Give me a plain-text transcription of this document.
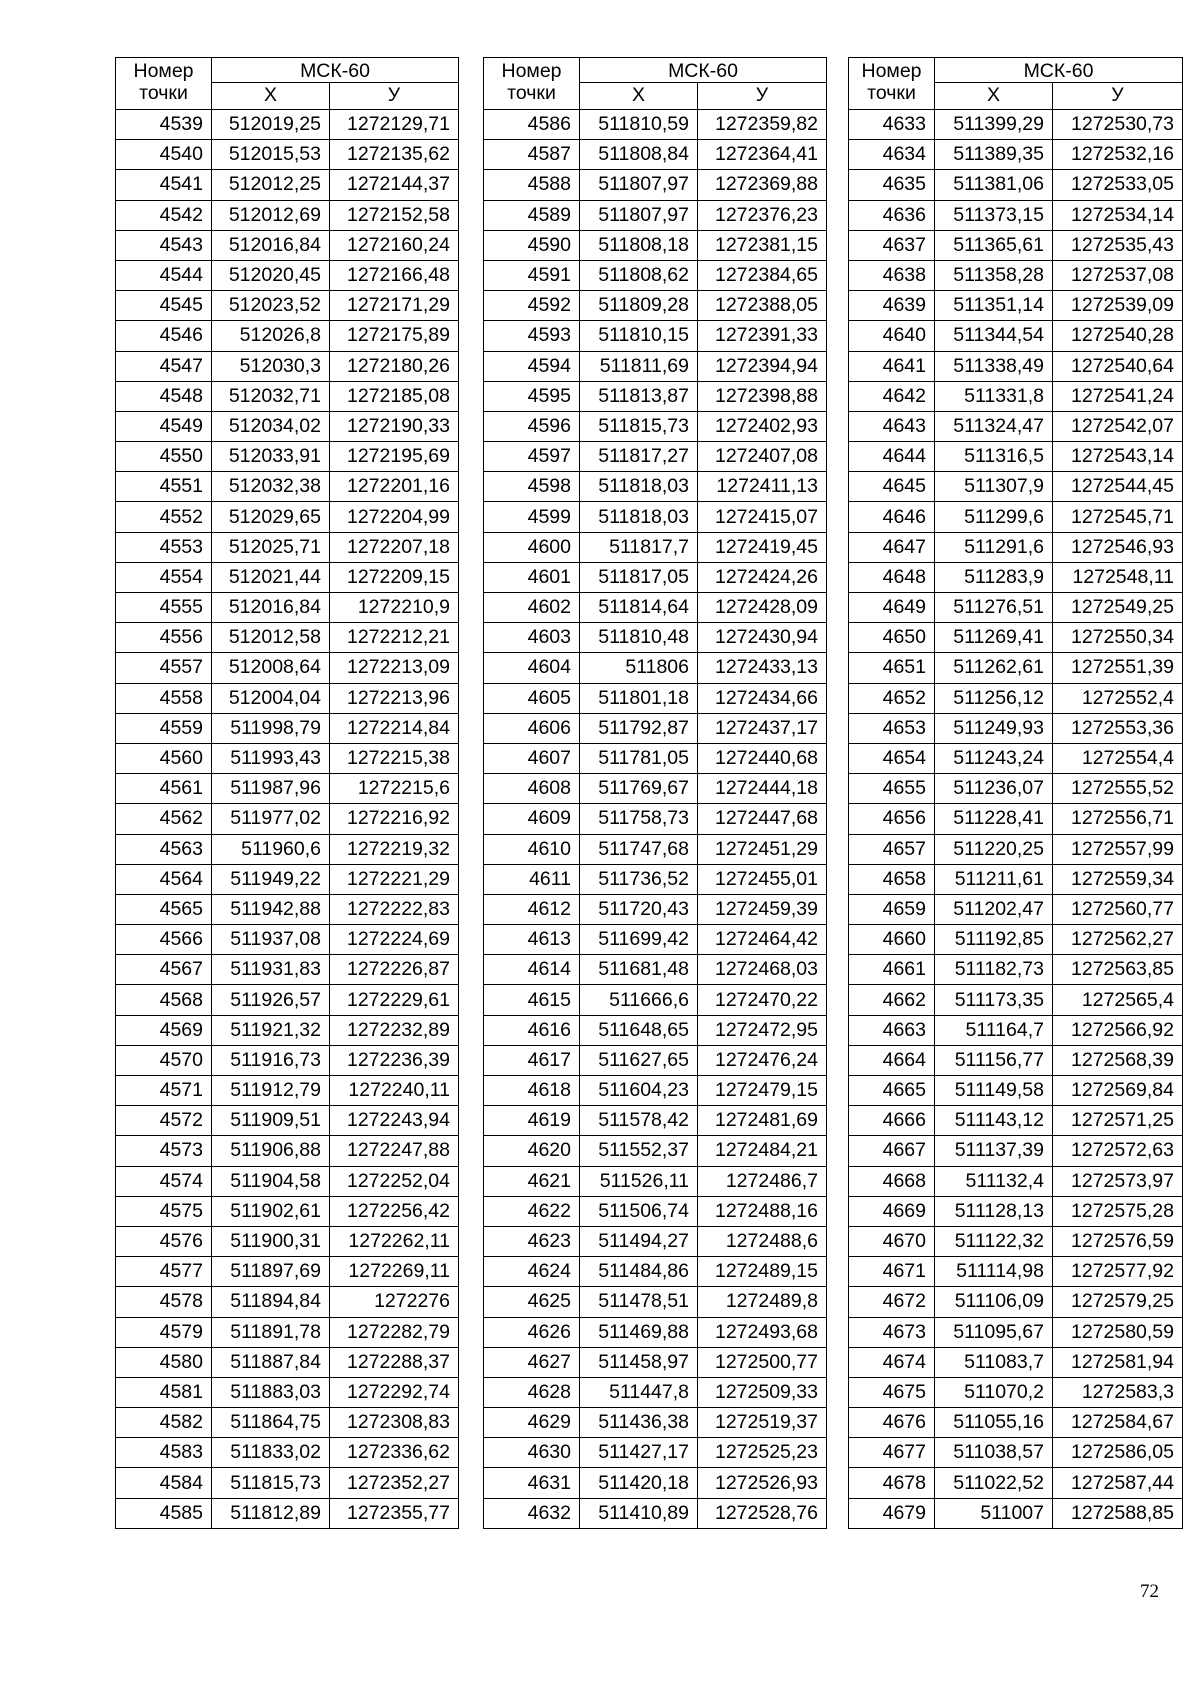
Номер точки	МСК-60	
	Х	У
4539	512019,25	1272129,71
4540	512015,53	1272135,62
4541	512012,25	1272144,37
4542	512012,69	1272152,58
4543	512016,84	1272160,24
4544	512020,45	1272166,48
4545	512023,52	1272171,29
4546	512026,8	1272175,89
4547	512030,3	1272180,26
4548	512032,71	1272185,08
4549	512034,02	1272190,33
4550	512033,91	1272195,69
4551	512032,38	1272201,16
4552	512029,65	1272204,99
4553	512025,71	1272207,18
4554	512021,44	1272209,15
4555	512016,84	1272210,9
4556	512012,58	1272212,21
4557	512008,64	1272213,09
4558	512004,04	1272213,96
4559	511998,79	1272214,84
4560	511993,43	1272215,38
4561	511987,96	1272215,6
4562	511977,02	1272216,92
4563	511960,6	1272219,32
4564	511949,22	1272221,29
4565	511942,88	1272222,83
4566	511937,08	1272224,69
4567	511931,83	1272226,87
4568	511926,57	1272229,61
4569	511921,32	1272232,89
4570	511916,73	1272236,39
4571	511912,79	1272240,11
4572	511909,51	1272243,94
4573	511906,88	1272247,88
4574	511904,58	1272252,04
4575	511902,61	1272256,42
4576	511900,31	1272262,11
4577	511897,69	1272269,11
4578	511894,84	1272276
4579	511891,78	1272282,79
4580	511887,84	1272288,37
4581	511883,03	1272292,74
4582	511864,75	1272308,83
4583	511833,02	1272336,62
4584	511815,73	1272352,27
4585	511812,89	1272355,77
Номер точки	МСК-60	
	Х	У
4586	511810,59	1272359,82
4587	511808,84	1272364,41
4588	511807,97	1272369,88
4589	511807,97	1272376,23
4590	511808,18	1272381,15
4591	511808,62	1272384,65
4592	511809,28	1272388,05
4593	511810,15	1272391,33
4594	511811,69	1272394,94
4595	511813,87	1272398,88
4596	511815,73	1272402,93
4597	511817,27	1272407,08
4598	511818,03	1272411,13
4599	511818,03	1272415,07
4600	511817,7	1272419,45
4601	511817,05	1272424,26
4602	511814,64	1272428,09
4603	511810,48	1272430,94
4604	511806	1272433,13
4605	511801,18	1272434,66
4606	511792,87	1272437,17
4607	511781,05	1272440,68
4608	511769,67	1272444,18
4609	511758,73	1272447,68
4610	511747,68	1272451,29
4611	511736,52	1272455,01
4612	511720,43	1272459,39
4613	511699,42	1272464,42
4614	511681,48	1272468,03
4615	511666,6	1272470,22
4616	511648,65	1272472,95
4617	511627,65	1272476,24
4618	511604,23	1272479,15
4619	511578,42	1272481,69
4620	511552,37	1272484,21
4621	511526,11	1272486,7
4622	511506,74	1272488,16
4623	511494,27	1272488,6
4624	511484,86	1272489,15
4625	511478,51	1272489,8
4626	511469,88	1272493,68
4627	511458,97	1272500,77
4628	511447,8	1272509,33
4629	511436,38	1272519,37
4630	511427,17	1272525,23
4631	511420,18	1272526,93
4632	511410,89	1272528,76
Номер точки	МСК-60	
	Х	У
4633	511399,29	1272530,73
4634	511389,35	1272532,16
4635	511381,06	1272533,05
4636	511373,15	1272534,14
4637	511365,61	1272535,43
4638	511358,28	1272537,08
4639	511351,14	1272539,09
4640	511344,54	1272540,28
4641	511338,49	1272540,64
4642	511331,8	1272541,24
4643	511324,47	1272542,07
4644	511316,5	1272543,14
4645	511307,9	1272544,45
4646	511299,6	1272545,71
4647	511291,6	1272546,93
4648	511283,9	1272548,11
4649	511276,51	1272549,25
4650	511269,41	1272550,34
4651	511262,61	1272551,39
4652	511256,12	1272552,4
4653	511249,93	1272553,36
4654	511243,24	1272554,4
4655	511236,07	1272555,52
4656	511228,41	1272556,71
4657	511220,25	1272557,99
4658	511211,61	1272559,34
4659	511202,47	1272560,77
4660	511192,85	1272562,27
4661	511182,73	1272563,85
4662	511173,35	1272565,4
4663	511164,7	1272566,92
4664	511156,77	1272568,39
4665	511149,58	1272569,84
4666	511143,12	1272571,25
4667	511137,39	1272572,63
4668	511132,4	1272573,97
4669	511128,13	1272575,28
4670	511122,32	1272576,59
4671	511114,98	1272577,92
4672	511106,09	1272579,25
4673	511095,67	1272580,59
4674	511083,7	1272581,94
4675	511070,2	1272583,3
4676	511055,16	1272584,67
4677	511038,57	1272586,05
4678	511022,52	1272587,44
4679	511007	1272588,85
72
